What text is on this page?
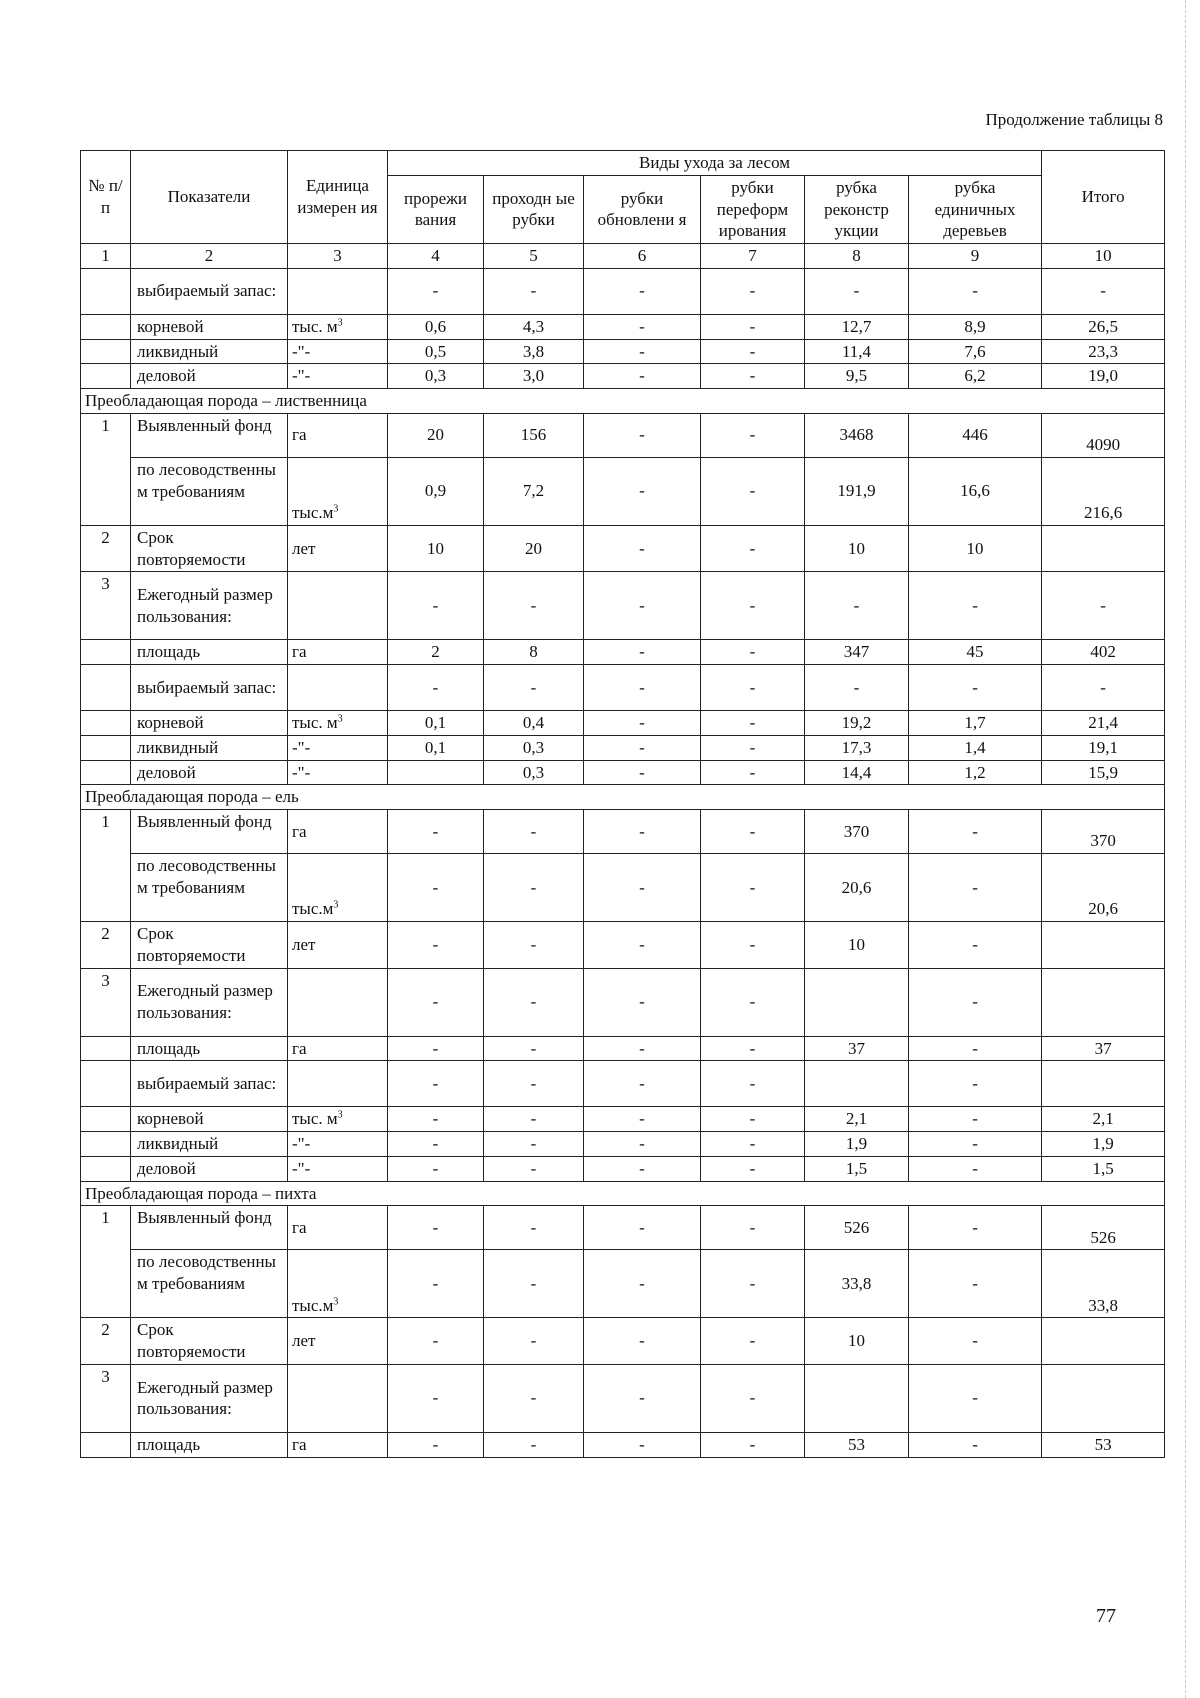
Продолжение таблицы 8
№ п/п	Показатели	Единица измерен ия	Виды ухода за лесом						Итого
			прорежи вания	проходн ые рубки	рубки обновлени я	рубки переформ ирования	рубка реконстр укции	рубка единичных деревьев	
1	2	3	4	5	6	7	8	9	10
	выбираемый запас:		-	-	-	-	-	-	-
	корневой	тыс. $м^3$	0,6	4,3	-	-	12,7	8,9	26,5
	ликвидный	-"-	0,5	3,8	-	-	11,4	7,6	23,3
	деловой	-"-	0,3	3,0	-	-	9,5	6,2	19,0
Преобладающая порода – лиственница									
1	Выявленный фонд	га	20	156	-	-	3468	446	4090
	по лесоводственны м требованиям	$тыс.м^3$	0,9	7,2	-	-	191,9	16,6	216,6
2	Срок повторяемости	лет	10	20	-	-	10	10	
3	Ежегодный размер пользования:		-	-	-	-	-	-	-
	площадь	га	2	8	-	-	347	45	402
	выбираемый запас:		-	-	-	-	-	-	-
	корневой	тыс. $м^3$	0,1	0,4	-	-	19,2	1,7	21,4
	ликвидный	-"-	0,1	0,3	-	-	17,3	1,4	19,1
	деловой	-"-		0,3	-	-	14,4	1,2	15,9
Преобладающая порода – ель									
1	Выявленный фонд	га	-	-	-	-	370	-	370
	по лесоводственны м требованиям	$тыс.м^3$	-	-	-	-	20,6	-	20,6
2	Срок повторяемости	лет	-	-	-	-	10	-	
3	Ежегодный размер пользования:		-	-	-	-		-	
	площадь	га	-	-	-	-	37	-	37
	выбираемый запас:		-	-	-	-		-	
	корневой	тыс. $м^3$	-	-	-	-	2,1	-	2,1
	ликвидный	-"-	-	-	-	-	1,9	-	1,9
	деловой	-"-	-	-	-	-	1,5	-	1,5
Преобладающая порода – пихта									
1	Выявленный фонд	га	-	-	-	-	526	-	526
	по лесоводственны м требованиям	$тыс.м^3$	-	-	-	-	33,8	-	33,8
2	Срок повторяемости	лет	-	-	-	-	10	-	
3	Ежегодный размер пользования:		-	-	-	-		-	
	площадь	га	-	-	-	-	53	-	53
77
